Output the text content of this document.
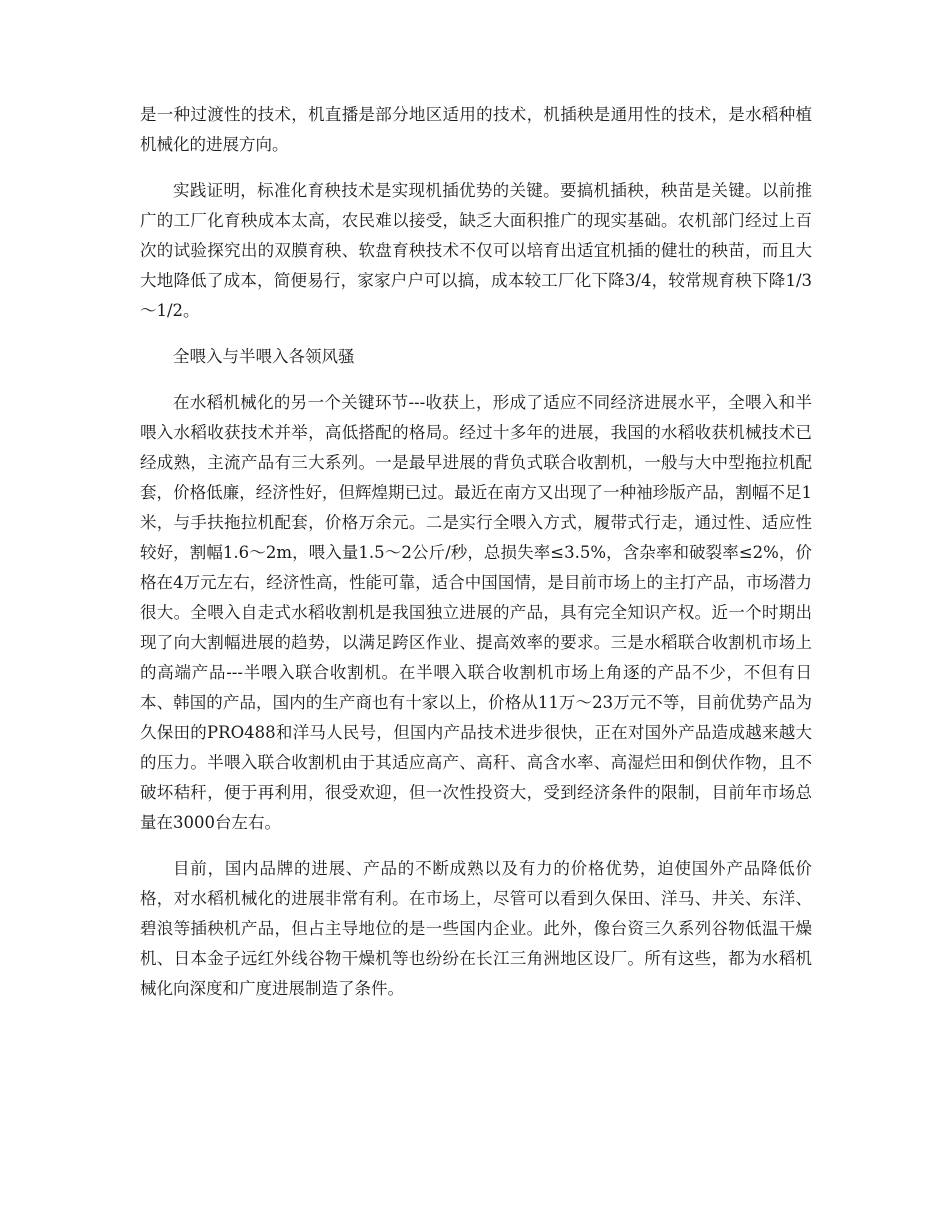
是一种过渡性的技术，机直播是部分地区适用的技术，机插秧是通用性的技术，是水稻种植机械化的进展方向。

实践证明，标准化育秧技术是实现机插优势的关键。要搞机插秧，秧苗是关键。以前推广的工厂化育秧成本太高，农民难以接受，缺乏大面积推广的现实基础。农机部门经过上百次的试验探究出的双膜育秧、软盘育秧技术不仅可以培育出适宜机插的健壮的秧苗，而且大大地降低了成本，简便易行，家家户户可以搞，成本较工厂化下降3/4，较常规育秧下降1/3～1/2。

全喂入与半喂入各领风骚

在水稻机械化的另一个关键环节---收获上，形成了适应不同经济进展水平，全喂入和半喂入水稻收获技术并举，高低搭配的格局。经过十多年的进展，我国的水稻收获机械技术已经成熟，主流产品有三大系列。一是最早进展的背负式联合收割机，一般与大中型拖拉机配套，价格低廉，经济性好，但辉煌期已过。最近在南方又出现了一种袖珍版产品，割幅不足1米，与手扶拖拉机配套，价格万余元。二是实行全喂入方式，履带式行走，通过性、适应性较好，割幅1.6～2m，喂入量1.5～2公斤/秒，总损失率≤3.5%，含杂率和破裂率≤2%，价格在4万元左右，经济性高，性能可靠，适合中国国情，是目前市场上的主打产品，市场潜力很大。全喂入自走式水稻收割机是我国独立进展的产品，具有完全知识产权。近一个时期出现了向大割幅进展的趋势，以满足跨区作业、提高效率的要求。三是水稻联合收割机市场上的高端产品---半喂入联合收割机。在半喂入联合收割机市场上角逐的产品不少，不但有日本、韩国的产品，国内的生产商也有十家以上，价格从11万～23万元不等，目前优势产品为久保田的PRO488和洋马人民号，但国内产品技术进步很快，正在对国外产品造成越来越大的压力。半喂入联合收割机由于其适应高产、高秆、高含水率、高湿烂田和倒伏作物，且不破坏秸秆，便于再利用，很受欢迎，但一次性投资大，受到经济条件的限制，目前年市场总量在3000台左右。

目前，国内品牌的进展、产品的不断成熟以及有力的价格优势，迫使国外产品降低价格，对水稻机械化的进展非常有利。在市场上，尽管可以看到久保田、洋马、井关、东洋、碧浪等插秧机产品，但占主导地位的是一些国内企业。此外，像台资三久系列谷物低温干燥机、日本金子远红外线谷物干燥机等也纷纷在长江三角洲地区设厂。所有这些，都为水稻机械化向深度和广度进展制造了条件。
